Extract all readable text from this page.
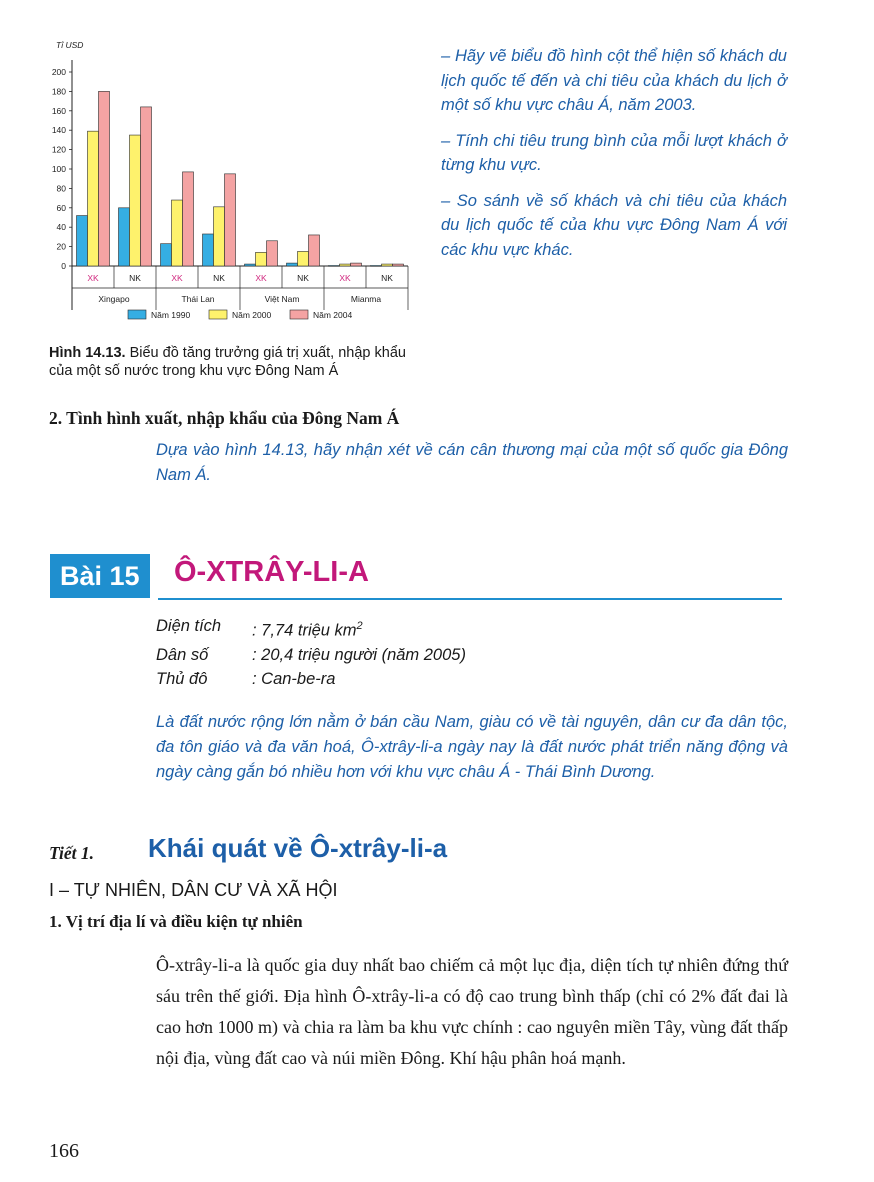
Tỉ USD
0
20
40
60
80
100
120
140
160
180
200
XK	NK	XK	NK	XK	NK	XK	NK
Xingapo	Thái Lan	Việt Nam	Mianma
Năm 1990	Năm 2000	Năm 2004

– Hãy vẽ biểu đồ hình cột thể hiện số khách du lịch quốc tế đến và chi tiêu của khách du lịch ở một số khu vực châu Á, năm 2003.

– Tính chi tiêu trung bình của mỗi lượt khách ở từng khu vực.

– So sánh về số khách và chi tiêu của khách du lịch quốc tế của khu vực Đông Nam Á với các khu vực khác.

Hình 14.13. Biểu đồ tăng trưởng giá trị xuất, nhập khẩu của một số nước trong khu vực Đông Nam Á
2. Tình hình xuất, nhập khẩu của Đông Nam Á
Dựa vào hình 14.13, hãy nhận xét về cán cân thương mại của một số quốc gia Đông Nam Á.
Bài 15	Ô-XTRÂY-LI-A
Diện tích	: 7,74 triệu $km^2$
Dân số	: 20,4 triệu người (năm 2005)
Thủ đô	: Can-be-ra
Là đất nước rộng lớn nằm ở bán cầu Nam, giàu có về tài nguyên, dân cư đa dân tộc, đa tôn giáo và đa văn hoá, Ô-xtrây-li-a ngày nay là đất nước phát triển năng động và ngày càng gắn bó nhiều hơn với khu vực châu Á - Thái Bình Dương.
Tiết 1. Khái quát về Ô-xtrây-li-a
I – TỰ NHIÊN, DÂN CƯ VÀ XÃ HỘI
1. Vị trí địa lí và điều kiện tự nhiên
Ô-xtrây-li-a là quốc gia duy nhất bao chiếm cả một lục địa, diện tích tự nhiên đứng thứ sáu trên thế giới. Địa hình Ô-xtrây-li-a có độ cao trung bình thấp (chỉ có 2% đất đai là cao hơn 1000 m) và chia ra làm ba khu vực chính : cao nguyên miền Tây, vùng đất thấp nội địa, vùng đất cao và núi miền Đông. Khí hậu phân hoá mạnh.
166
